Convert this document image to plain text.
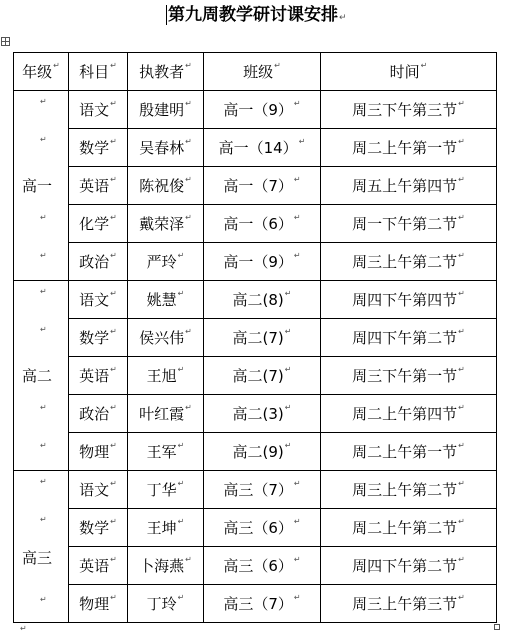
第九周教学研讨课安排↵
年级↵	科目↵	执教者↵	班级↵	时间↵

↵
↵
高一
↵
↵	语文↵	殷建明↵	高一（9）↵	周三下午第三节↵
	数学↵	吴春林↵	高一（14）↵	周二上午第一节↵
	英语↵	陈祝俊↵	高一（7）↵	周五上午第四节↵
	化学↵	戴荣泽↵	高一（6）↵	周一下午第二节↵
	政治↵	严玲↵	高一（9）↵	周三上午第二节↵

↵
↵
高二
↵
↵	语文↵	姚慧↵	高二(8)↵	周四下午第四节↵
	数学↵	侯兴伟↵	高二(7)↵	周四下午第二节↵
	英语↵	王旭↵	高二(7)↵	周三下午第一节↵
	政治↵	叶红霞↵	高二(3)↵	周二上午第四节↵
	物理↵	王军↵	高二(9)↵	周二上午第一节↵

↵
↵
高三
↵	语文↵	丁华↵	高三（7）↵	周三上午第二节↵
	数学↵	王坤↵	高三（6）↵	周二上午第二节↵
	英语↵	卜海燕↵	高三（6）↵	周四下午第二节↵
	物理↵	丁玲↵	高三（7）↵	周三上午第三节↵
↵
